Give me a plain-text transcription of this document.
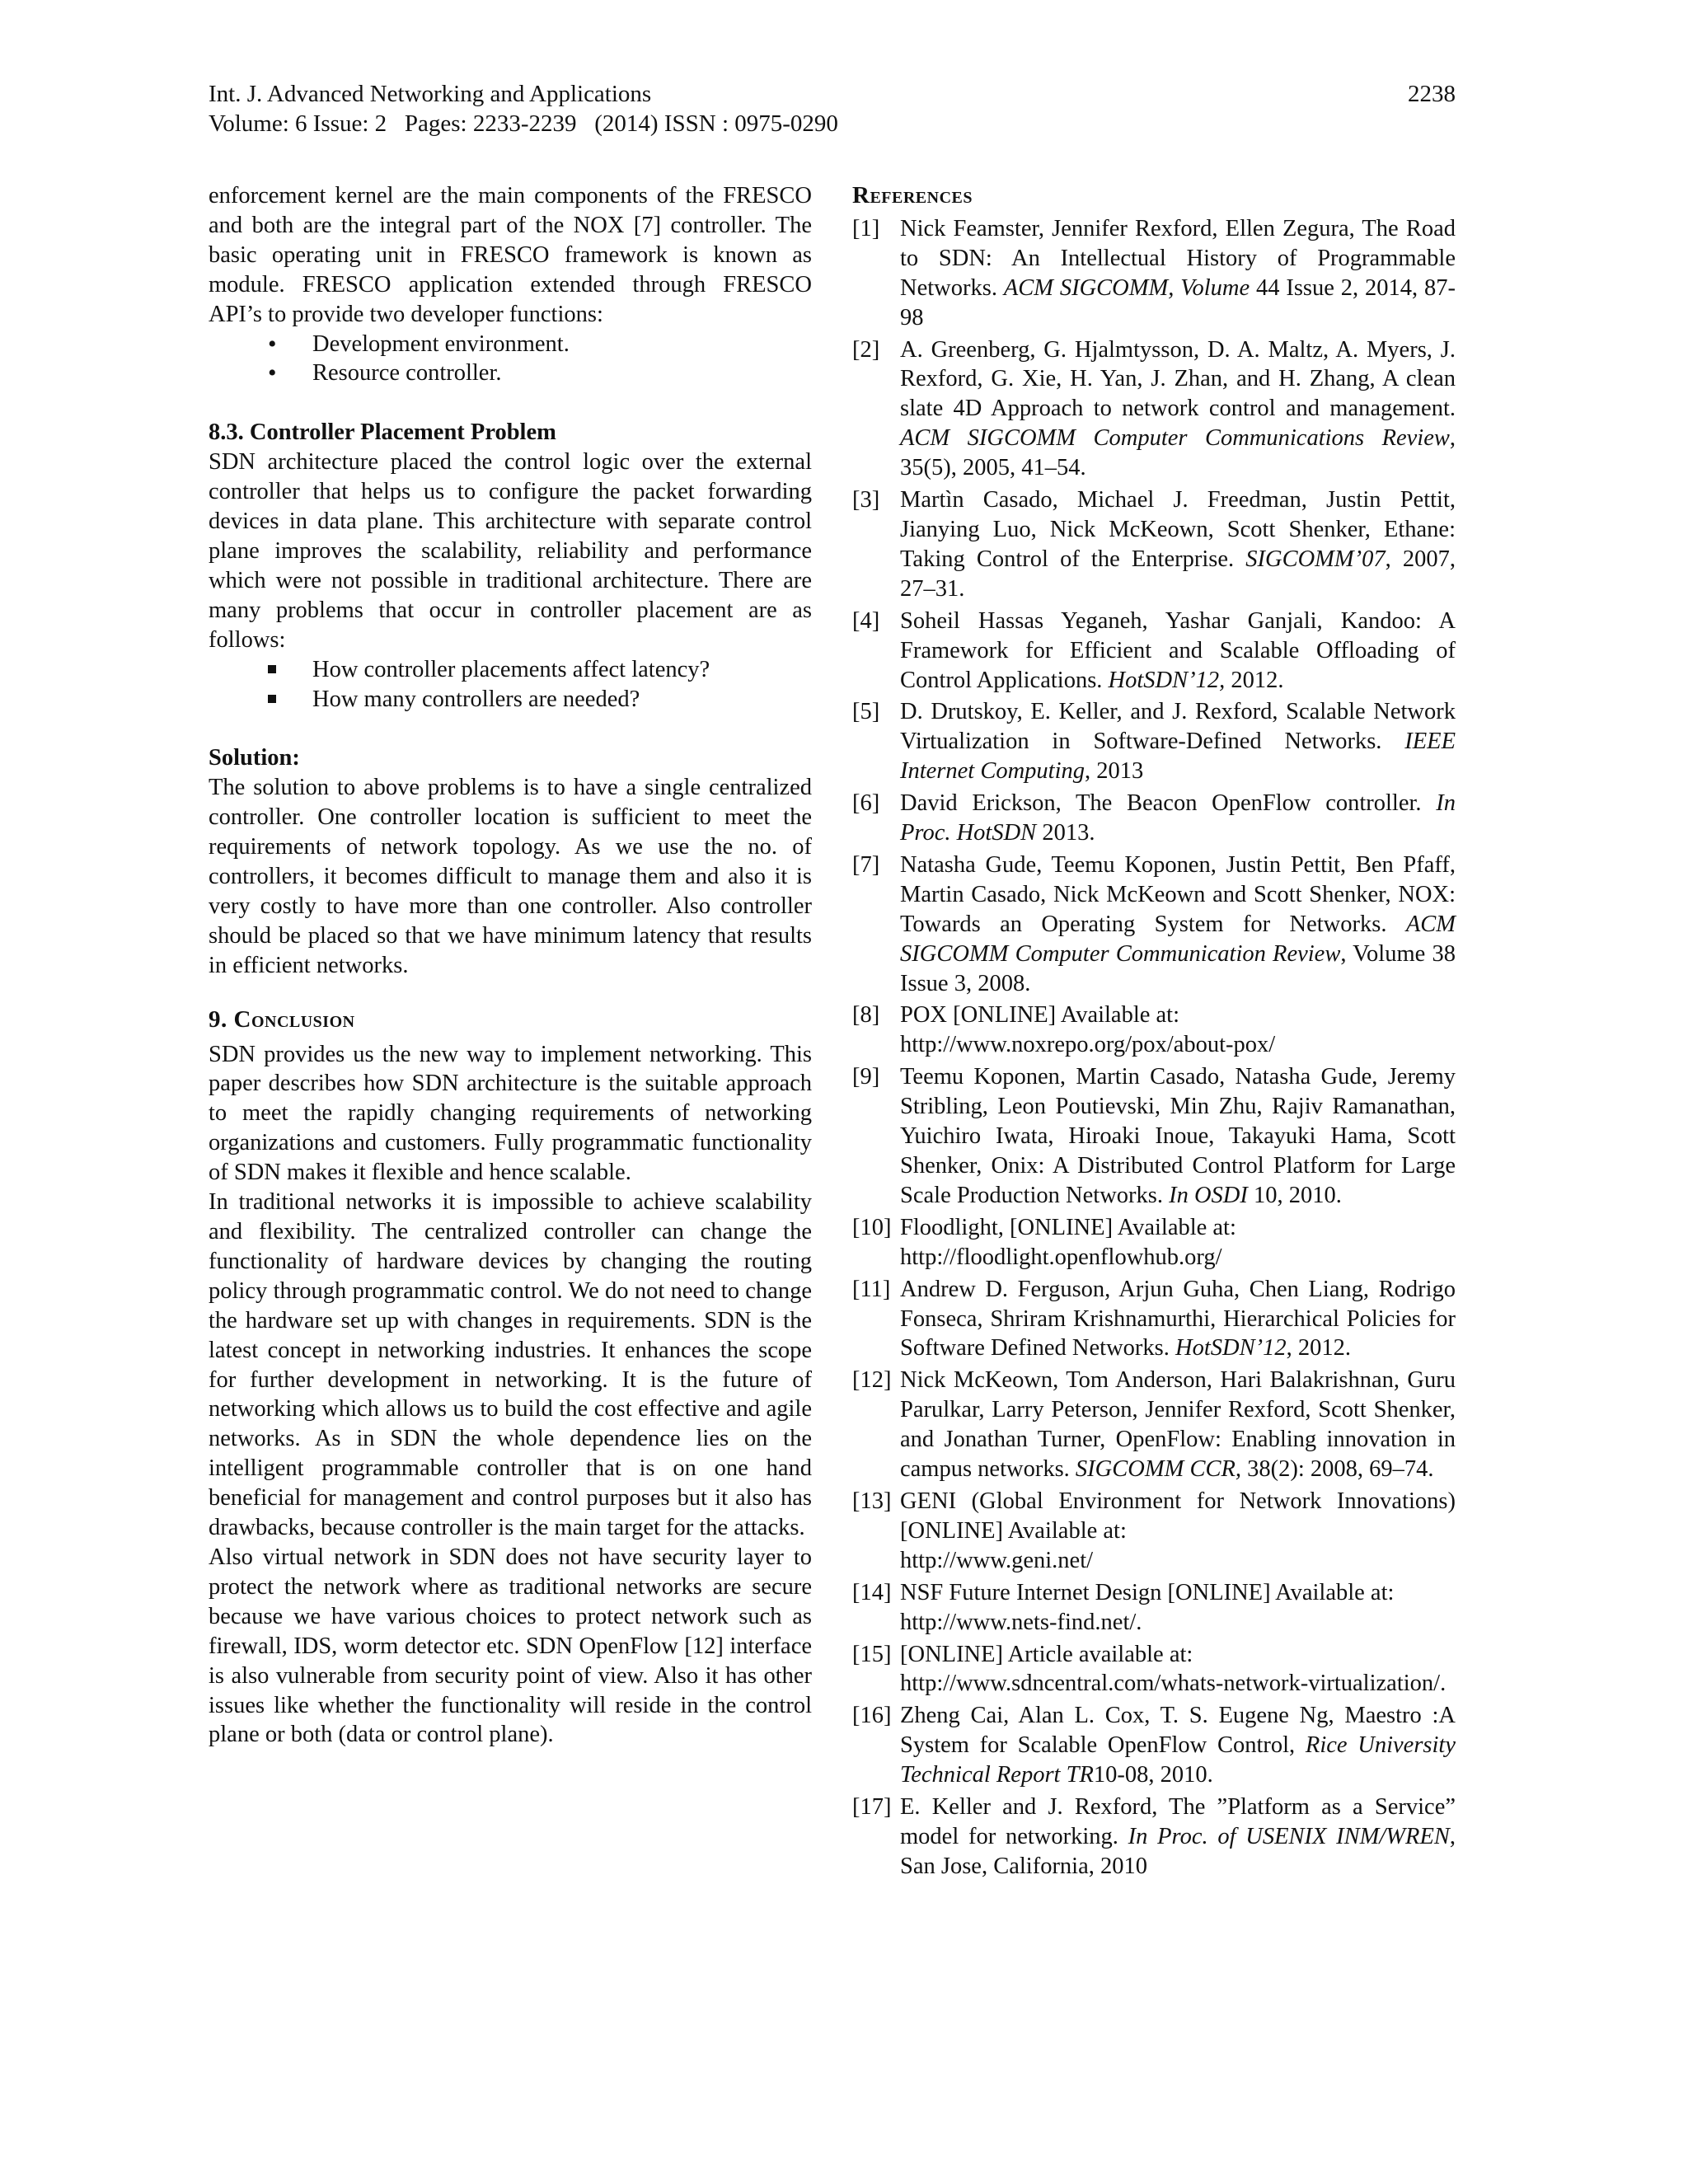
Int. J. Advanced Networking and Applications
Volume: 6 Issue: 2   Pages: 2233-2239   (2014) ISSN : 0975-0290
2238

enforcement kernel are the main components of the FRESCO and both are the integral part of the NOX [7] controller. The basic operating unit in FRESCO framework is known as module. FRESCO application extended through FRESCO API’s to provide two developer functions:

•
Development environment.
•
Resource controller.

8.3. Controller Placement Problem

SDN architecture placed the control logic over the external controller that helps us to configure the packet forwarding devices in data plane. This architecture with separate control plane improves the scalability, reliability and performance which were not possible in traditional architecture. There are many problems that occur in controller placement are as follows:

How controller placements affect latency?
How many controllers are needed?

Solution:

The solution to above problems is to have a single centralized controller. One controller location is sufficient to meet the requirements of network topology. As we use the no. of controllers, it becomes difficult to manage them and also it is very costly to have more than one controller. Also controller should be placed so that we have minimum latency that results in efficient networks.

9. Conclusion

SDN provides us the new way to implement networking. This paper describes how SDN architecture is the suitable approach to meet the rapidly changing requirements of networking organizations and customers. Fully programmatic functionality of SDN makes it flexible and hence scalable.

In traditional networks it is impossible to achieve scalability and flexibility. The centralized controller can change the functionality of hardware devices by changing the routing policy through programmatic control. We do not need to change the hardware set up with changes in requirements. SDN is the latest concept in networking industries. It enhances the scope for further development in networking. It is the future of networking which allows us to build the cost effective and agile networks. As in SDN the whole dependence lies on the intelligent programmable controller that is on one hand beneficial for management and control purposes but it also has drawbacks, because controller is the main target for the attacks.

Also virtual network in SDN does not have security layer to protect the network where as traditional networks are secure because we have various choices to protect network such as firewall, IDS, worm detector etc. SDN OpenFlow [12] interface is also vulnerable from security point of view. Also it has other issues like whether the functionality will reside in the control plane or both (data or control plane).

References

[1] Nick Feamster, Jennifer Rexford, Ellen Zegura, The Road to SDN: An Intellectual History of Programmable Networks. ACM SIGCOMM, Volume 44 Issue 2, 2014, 87-98
[2] A. Greenberg, G. Hjalmtysson, D. A. Maltz, A. Myers, J. Rexford, G. Xie, H. Yan, J. Zhan, and H. Zhang, A clean slate 4D Approach to network control and management. ACM SIGCOMM Computer Communications Review, 35(5), 2005, 41–54.
[3] Martìn Casado, Michael J. Freedman, Justin Pettit, Jianying Luo, Nick McKeown, Scott Shenker, Ethane: Taking Control of the Enterprise. SIGCOMM’07, 2007, 27–31.
[4] Soheil Hassas Yeganeh, Yashar Ganjali, Kandoo: A Framework for Efficient and Scalable Offloading of Control Applications. HotSDN’12, 2012.
[5] D. Drutskoy, E. Keller, and J. Rexford, Scalable Network Virtualization in Software-Defined Networks. IEEE Internet Computing, 2013
[6] David Erickson, The Beacon OpenFlow controller. In Proc. HotSDN 2013.
[7] Natasha Gude, Teemu Koponen, Justin Pettit, Ben Pfaff, Martin Casado, Nick McKeown and Scott Shenker, NOX: Towards an Operating System for Networks. ACM SIGCOMM Computer Communication Review, Volume 38 Issue 3, 2008.
[8] POX [ONLINE] Available at:
http://www.noxrepo.org/pox/about-pox/
[9] Teemu Koponen, Martin Casado, Natasha Gude, Jeremy Stribling, Leon Poutievski, Min Zhu, Rajiv Ramanathan, Yuichiro Iwata, Hiroaki Inoue, Takayuki Hama, Scott Shenker, Onix: A Distributed Control Platform for Large Scale Production Networks. In OSDI 10, 2010.
[10] Floodlight, [ONLINE] Available at:
http://floodlight.openflowhub.org/
[11] Andrew D. Ferguson, Arjun Guha, Chen Liang, Rodrigo Fonseca, Shriram Krishnamurthi, Hierarchical Policies for Software Defined Networks. HotSDN’12, 2012.
[12] Nick McKeown, Tom Anderson, Hari Balakrishnan, Guru Parulkar, Larry Peterson, Jennifer Rexford, Scott Shenker, and Jonathan Turner, OpenFlow: Enabling innovation in campus networks. SIGCOMM CCR, 38(2): 2008, 69–74.
[13] GENI (Global Environment for Network Innovations) [ONLINE] Available at:
http://www.geni.net/
[14] NSF Future Internet Design [ONLINE] Available at:
http://www.nets-find.net/.
[15] [ONLINE] Article available at:
http://www.sdncentral.com/whats-network-virtualization/.
[16] Zheng Cai, Alan L. Cox, T. S. Eugene Ng, Maestro :A System for Scalable OpenFlow Control, Rice University Technical Report TR10-08, 2010.
[17] E. Keller and J. Rexford, The ”Platform as a Service” model for networking. In Proc. of USENIX INM/WREN, San Jose, California, 2010
